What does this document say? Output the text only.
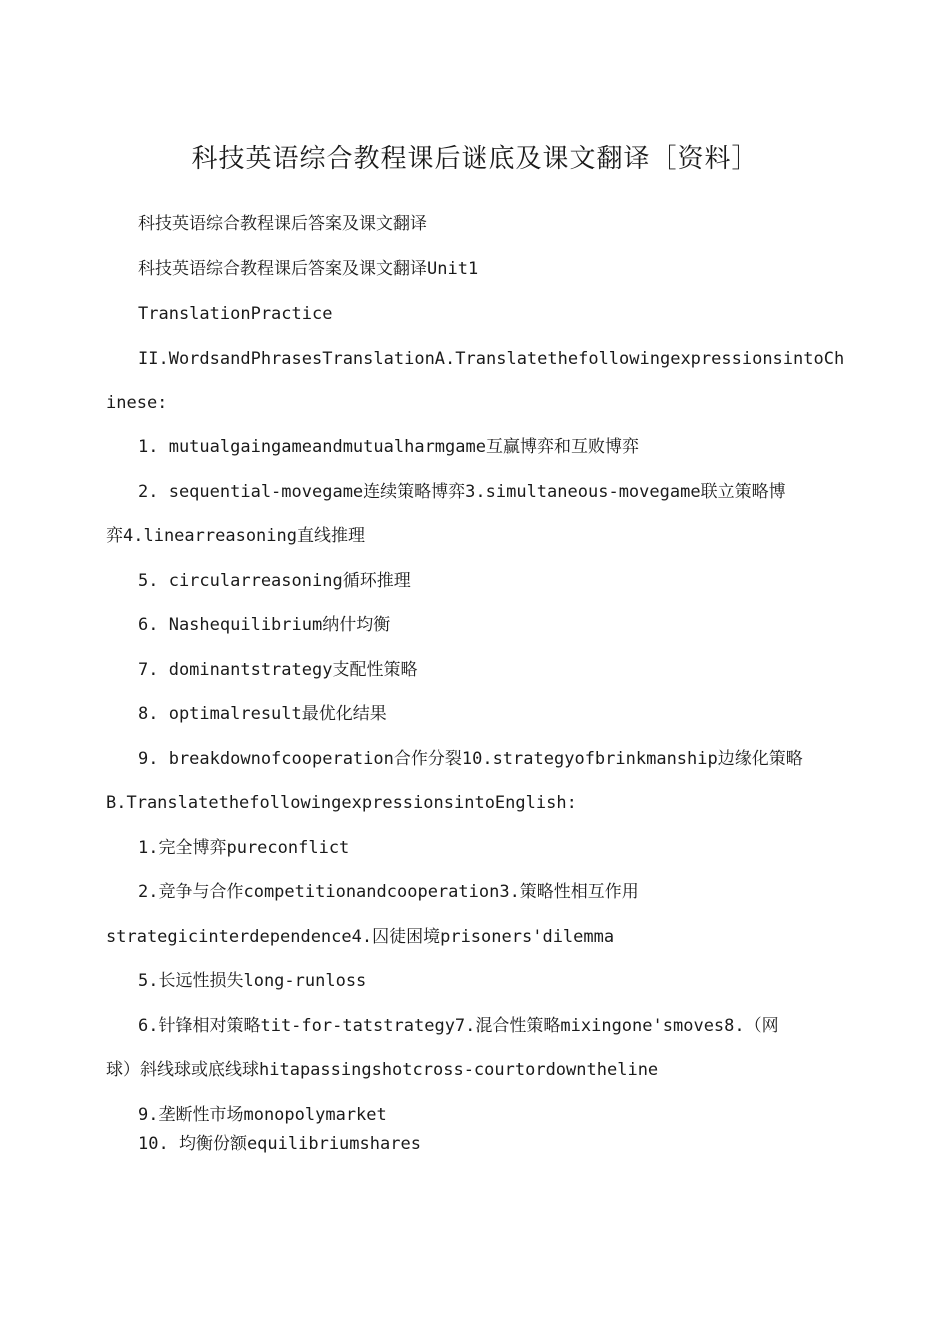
科技英语综合教程课后谜底及课文翻译［资料］
科技英语综合教程课后答案及课文翻译
科技英语综合教程课后答案及课文翻译Unit1
TranslationPractice
II.WordsandPhrasesTranslationA.TranslatethefollowingexpressionsintoCh
inese:
1. mutualgaingameandmutualharmgame互赢博弈和互败博弈
2. sequential-movegame连续策略博弈3.simultaneous-movegame联立策略博
弈4.linearreasoning直线推理
5. circularreasoning循环推理
6. Nashequilibrium纳什均衡
7. dominantstrategy支配性策略
8. optimalresult最优化结果
9. breakdownofcooperation合作分裂10.strategyofbrinkmanship边缘化策略
B.TranslatethefollowingexpressionsintoEnglish:
1.完全博弈pureconflict
2.竞争与合作competitionandcooperation3.策略性相互作用
strategicinterdependence4.囚徒困境prisoners'dilemma
5.长远性损失long-runloss
6.针锋相对策略tit-for-tatstrategy7.混合性策略mixingone'smoves8.（网
球）斜线球或底线球hitapassingshotcross-courtordowntheline
9.垄断性市场monopolymarket
10. 均衡份额equilibriumshares
